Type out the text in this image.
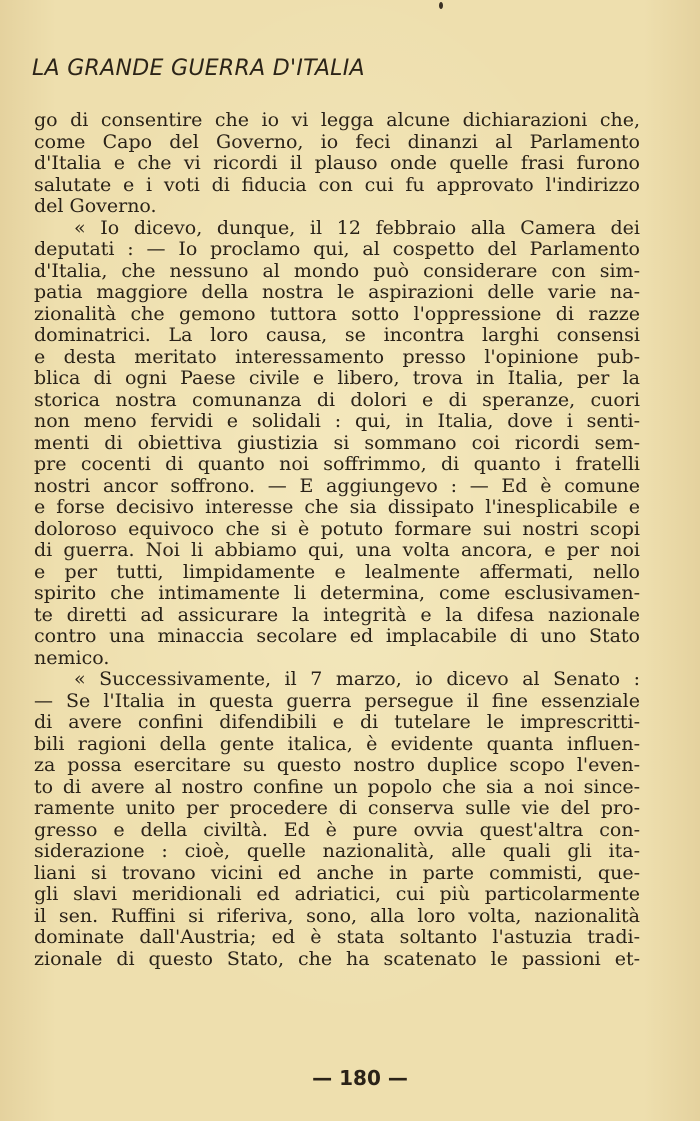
LA GRANDE GUERRA D'ITALIA
go di consentire che io vi legga alcune dichiarazioni che,
come Capo del Governo, io feci dinanzi al Parlamento
d'Italia e che vi ricordi il plauso onde quelle frasi furono
salutate e i voti di fiducia con cui fu approvato l'indirizzo
del Governo.
« Io dicevo, dunque, il 12 febbraio alla Camera dei
deputati : — Io proclamo qui, al cospetto del Parlamento
d'Italia, che nessuno al mondo può considerare con sim-
patia maggiore della nostra le aspirazioni delle varie na-
zionalità che gemono tuttora sotto l'oppressione di razze
dominatrici. La loro causa, se incontra larghi consensi
e desta meritato interessamento presso l'opinione pub-
blica di ogni Paese civile e libero, trova in Italia, per la
storica nostra comunanza di dolori e di speranze, cuori
non meno fervidi e solidali : qui, in Italia, dove i senti-
menti di obiettiva giustizia si sommano coi ricordi sem-
pre cocenti di quanto noi soffrimmo, di quanto i fratelli
nostri ancor soffrono. — E aggiungevo : — Ed è comune
e forse decisivo interesse che sia dissipato l'inesplicabile e
doloroso equivoco che si è potuto formare sui nostri scopi
di guerra. Noi li abbiamo qui, una volta ancora, e per noi
e per tutti, limpidamente e lealmente affermati, nello
spirito che intimamente li determina, come esclusivamen-
te diretti ad assicurare la integrità e la difesa nazionale
contro una minaccia secolare ed implacabile di uno Stato
nemico.
« Successivamente, il 7 marzo, io dicevo al Senato :
— Se l'Italia in questa guerra persegue il fine essenziale
di avere confini difendibili e di tutelare le imprescritti-
bili ragioni della gente italica, è evidente quanta influen-
za possa esercitare su questo nostro duplice scopo l'even-
to di avere al nostro confine un popolo che sia a noi since-
ramente unito per procedere di conserva sulle vie del pro-
gresso e della civiltà. Ed è pure ovvia quest'altra con-
siderazione : cioè, quelle nazionalità, alle quali gli ita-
liani si trovano vicini ed anche in parte commisti, que-
gli slavi meridionali ed adriatici, cui più particolarmente
il sen. Ruffini si riferiva, sono, alla loro volta, nazionalità
dominate dall'Austria; ed è stata soltanto l'astuzia tradi-
zionale di questo Stato, che ha scatenato le passioni et-
— 180 —
